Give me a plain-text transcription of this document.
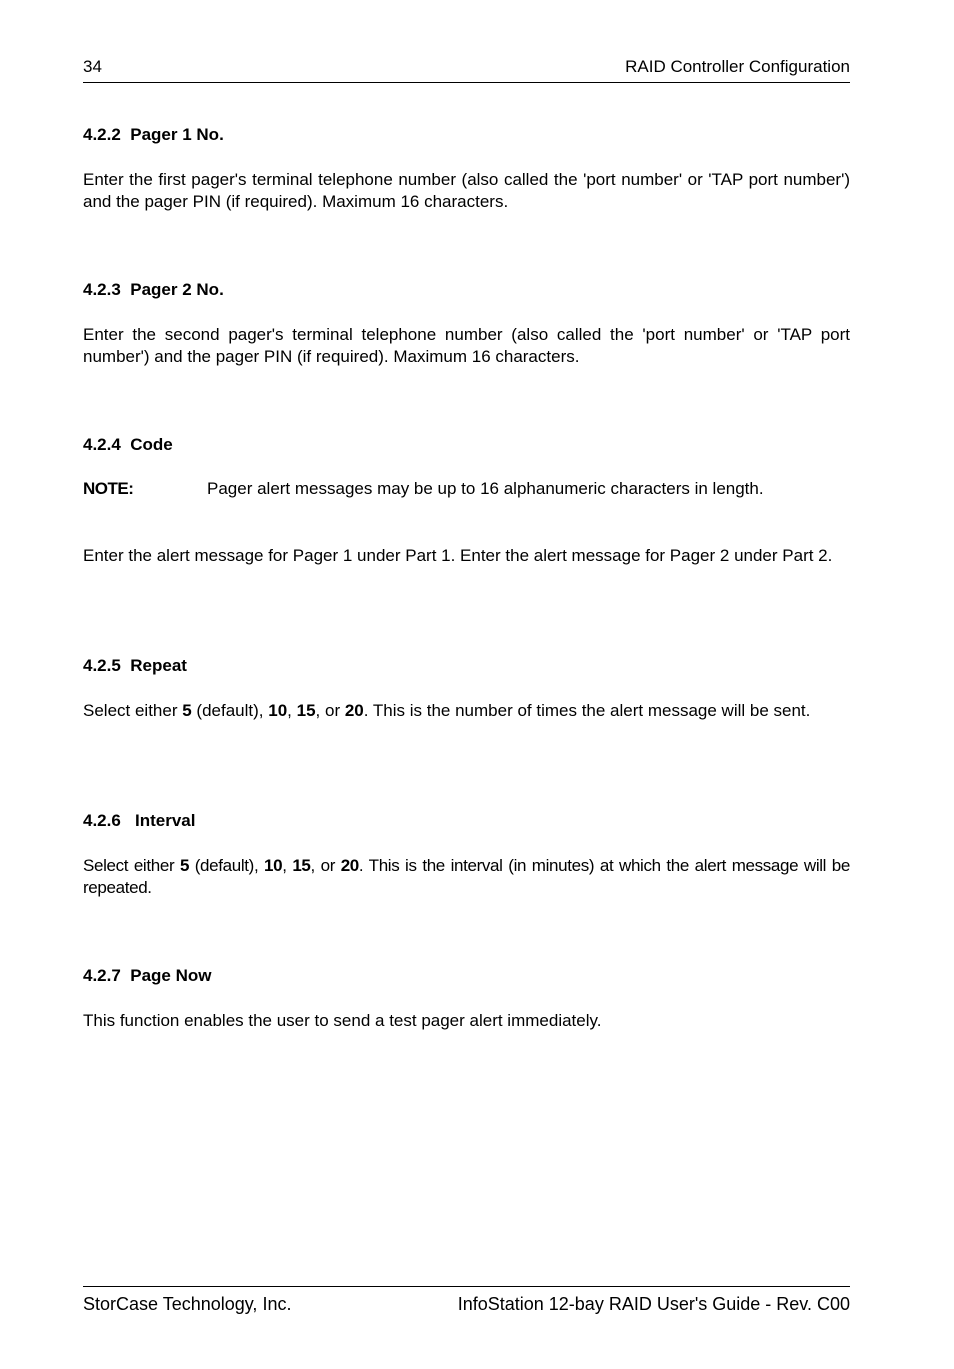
34	RAID Controller Configuration
4.2.2  Pager 1 No.

Enter the first pager's terminal telephone number (also called the 'port number' or 'TAP port number') and the pager PIN (if required). Maximum 16 characters.

4.2.3  Pager 2 No.

Enter the second pager's terminal telephone number (also called the 'port number' or 'TAP port number') and the pager PIN (if required). Maximum 16 characters.

4.2.4  Code
NOTE:	Pager alert messages may be up to 16 alphanumeric characters in length.

Enter the alert message for Pager 1 under Part 1. Enter the alert message for Pager 2 under Part 2.

4.2.5  Repeat

Select either 5 (default), 10, 15, or 20. This is the number of times the alert message will be sent.

4.2.6   Interval

Select either 5 (default), 10, 15, or 20. This is the interval (in minutes) at which the alert message will be repeated.

4.2.7  Page Now

This function enables the user to send a test pager alert immediately.

StorCase Technology, Inc.	InfoStation 12-bay RAID User's Guide - Rev. C00
